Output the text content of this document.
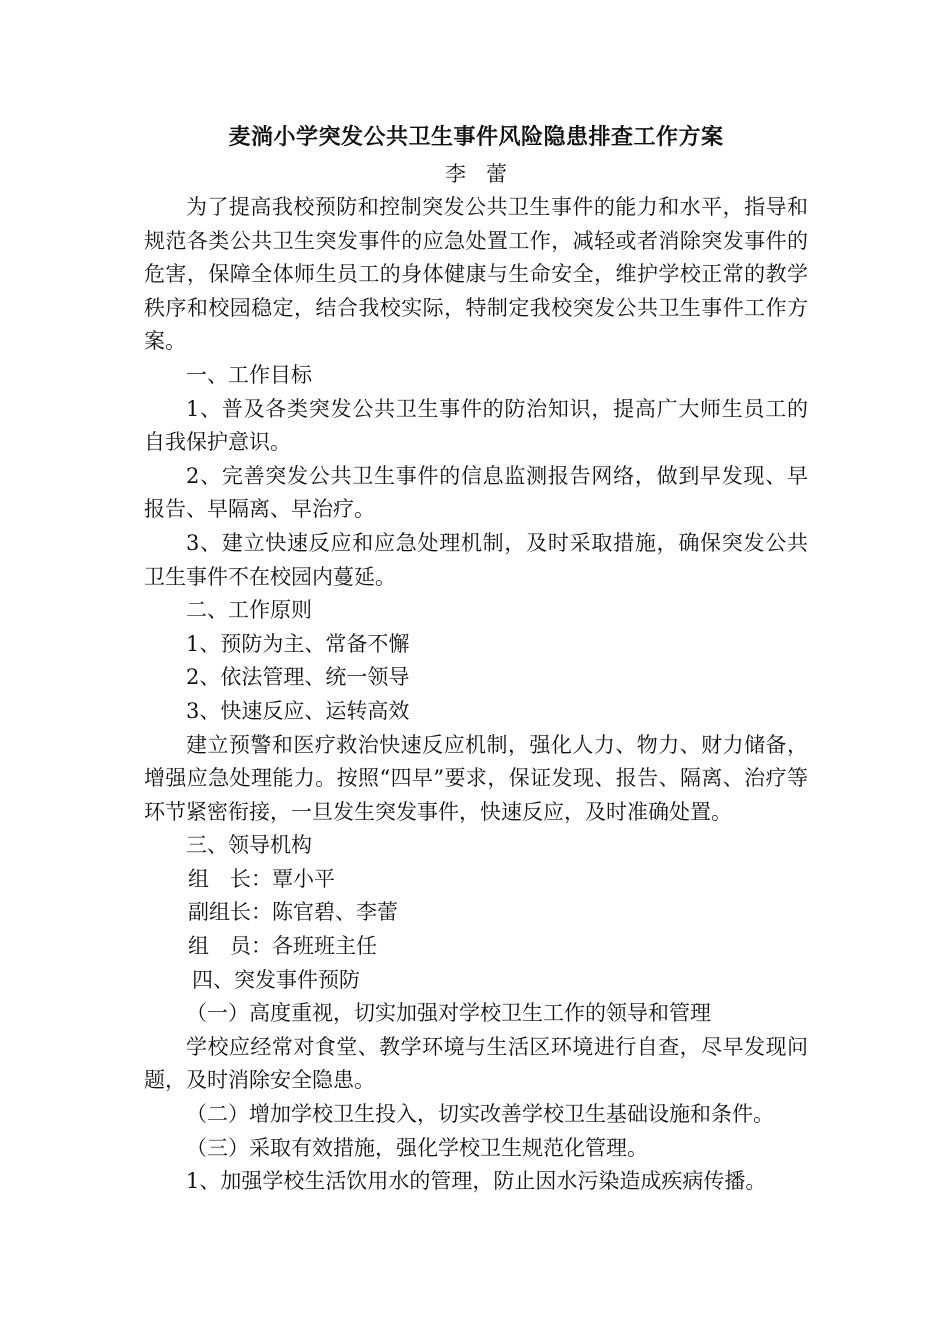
麦淌小学突发公共卫生事件风险隐患排查工作方案

李蕾

为了提高我校预防和控制突发公共卫生事件的能力和水平，指导和规范各类公共卫生突发事件的应急处置工作，减轻或者消除突发事件的危害，保障全体师生员工的身体健康与生命安全，维护学校正常的教学秩序和校园稳定，结合我校实际，特制定我校突发公共卫生事件工作方案。

一、工作目标

1、普及各类突发公共卫生事件的防治知识，提高广大师生员工的自我保护意识。

2、完善突发公共卫生事件的信息监测报告网络，做到早发现、早报告、早隔离、早治疗。

3、建立快速反应和应急处理机制，及时采取措施，确保突发公共卫生事件不在校园内蔓延。

二、工作原则

1、预防为主、常备不懈

2、依法管理、统一领导

3、快速反应、运转高效

建立预警和医疗救治快速反应机制，强化人力、物力、财力储备，增强应急处理能力。按照“四早”要求，保证发现、报告、隔离、治疗等环节紧密衔接，一旦发生突发事件，快速反应，及时准确处置。

三、领导机构

组　长：覃小平

副组长：陈官碧、李蕾

组　员：各班班主任

四、突发事件预防

（一）高度重视，切实加强对学校卫生工作的领导和管理

学校应经常对食堂、教学环境与生活区环境进行自查，尽早发现问题，及时消除安全隐患。

（二）增加学校卫生投入，切实改善学校卫生基础设施和条件。

（三）采取有效措施，强化学校卫生规范化管理。

1、加强学校生活饮用水的管理，防止因水污染造成疾病传播。
